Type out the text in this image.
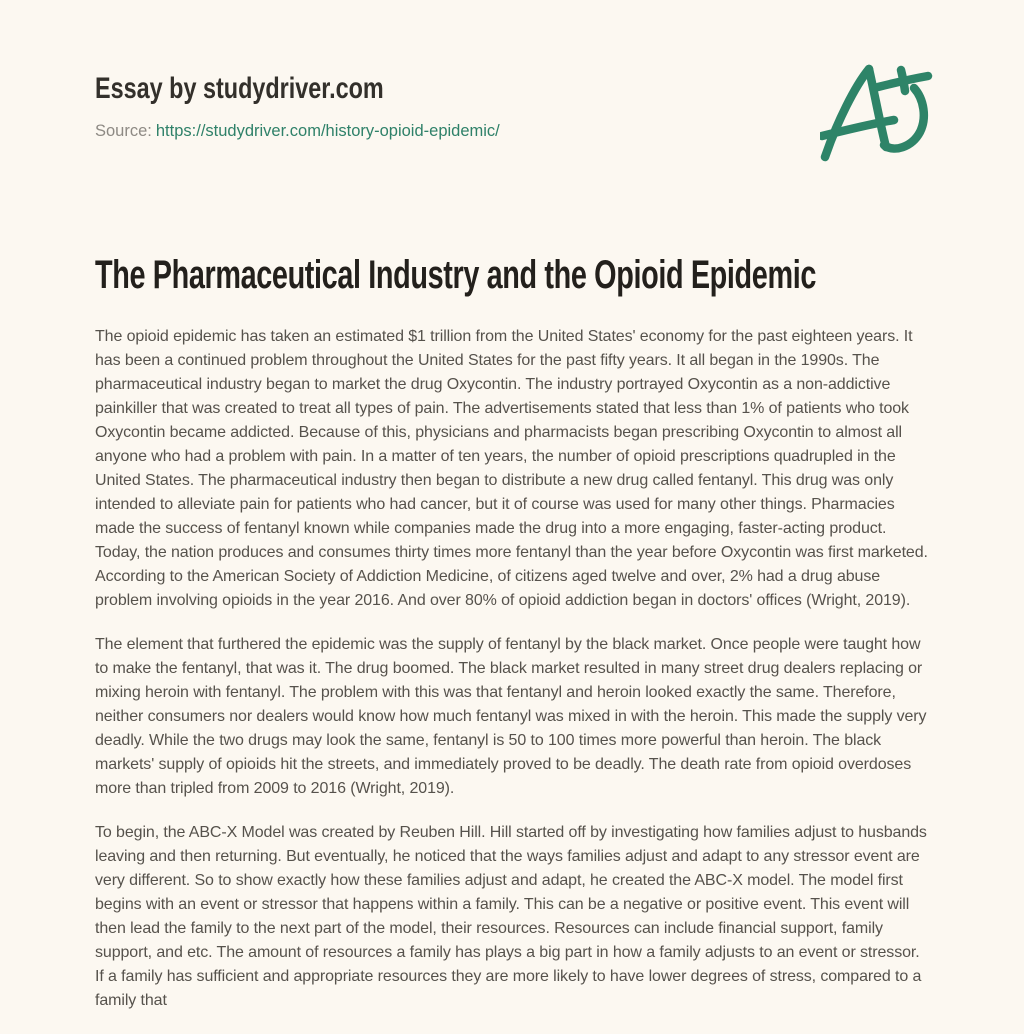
Essay by studydriver.com
Source: https://studydriver.com/history-opioid-epidemic/
The Pharmaceutical Industry and the Opioid Epidemic

The opioid epidemic has taken an estimated $1 trillion from the United States' economy for the past eighteen years. It has been a continued problem throughout the United States for the past fifty years. It all began in the 1990s. The pharmaceutical industry began to market the drug Oxycontin. The industry portrayed Oxycontin as a non-addictive painkiller that was created to treat all types of pain. The advertisements stated that less than 1% of patients who took Oxycontin became addicted. Because of this, physicians and pharmacists began prescribing Oxycontin to almost all anyone who had a problem with pain. In a matter of ten years, the number of opioid prescriptions quadrupled in the United States. The pharmaceutical industry then began to distribute a new drug called fentanyl. This drug was only intended to alleviate pain for patients who had cancer, but it of course was used for many other things. Pharmacies made the success of fentanyl known while companies made the drug into a more engaging, faster-acting product. Today, the nation produces and consumes thirty times more fentanyl than the year before Oxycontin was first marketed. According to the American Society of Addiction Medicine, of citizens aged twelve and over, 2% had a drug abuse problem involving opioids in the year 2016. And over 80% of opioid addiction began in doctors' offices (Wright, 2019).

The element that furthered the epidemic was the supply of fentanyl by the black market. Once people were taught how to make the fentanyl, that was it. The drug boomed. The black market resulted in many street drug dealers replacing or mixing heroin with fentanyl. The problem with this was that fentanyl and heroin looked exactly the same. Therefore, neither consumers nor dealers would know how much fentanyl was mixed in with the heroin. This made the supply very deadly. While the two drugs may look the same, fentanyl is 50 to 100 times more powerful than heroin. The black markets' supply of opioids hit the streets, and immediately proved to be deadly. The death rate from opioid overdoses more than tripled from 2009 to 2016 (Wright, 2019).

To begin, the ABC-X Model was created by Reuben Hill. Hill started off by investigating how families adjust to husbands leaving and then returning. But eventually, he noticed that the ways families adjust and adapt to any stressor event are very different. So to show exactly how these families adjust and adapt, he created the ABC-X model. The model first begins with an event or stressor that happens within a family. This can be a negative or positive event. This event will then lead the family to the next part of the model, their resources. Resources can include financial support, family support, and etc. The amount of resources a family has plays a big part in how a family adjusts to an event or stressor. If a family has sufficient and appropriate resources they are more likely to have lower degrees of stress, compared to a family that
